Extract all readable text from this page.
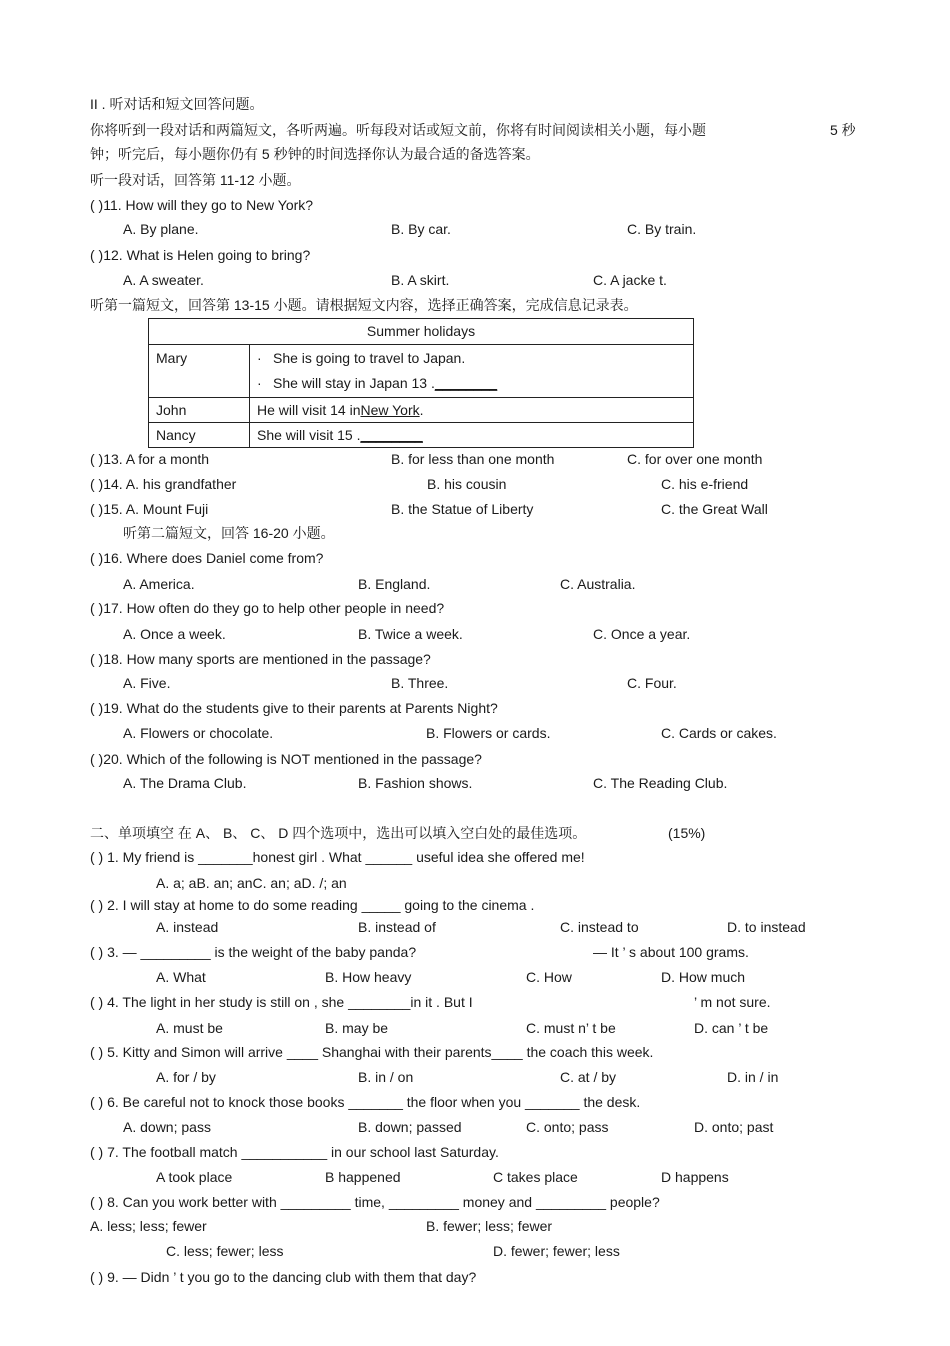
II . 听对话和短文回答问题。
你将听到一段对话和两篇短文，各听两遍。听每段对话或短文前，你将有时间阅读相关小题，每小题	5 秒
钟；听完后，每小题你仍有 5 秒钟的时间选择你认为最合适的备选答案。
听一段对话，回答第 11-12 小题。
( )11. How will they go to New York?
A. By plane.	B. By car.	C. By train.
( )12. What is Helen going to bring?
A. A sweater.	B. A skirt.	C. A jacke t.
听第一篇短文，回答第 13-15 小题。请根据短文内容，选择正确答案，完成信息记录表。
Summer holidays	
Mary	· She is going to travel to Japan.
· She will stay in Japan 13 .________

John	He will visit 14 inNew York.
Nancy	She will visit 15 .________
( )13. A for a month	B. for less than one month	C. for over one month
( )14. A. his grandfather	B. his cousin	C. his e-friend
( )15. A. Mount Fuji	B. the Statue of Liberty	C. the Great Wall
听第二篇短文，回答 16-20 小题。
( )16. Where does Daniel come from?
A. America.	B. England.	C. Australia.
( )17. How often do they go to help other people in need?
A. Once a week.	B. Twice a week.	C. Once a year.
( )18. How many sports are mentioned in the passage?
A. Five.	B. Three.	C. Four.
( )19. What do the students give to their parents at Parents Night?
A. Flowers or chocolate.	B. Flowers or cards.	C. Cards or cakes.
( )20. Which of the following is NOT mentioned in the passage?
A. The Drama Club.	B. Fashion shows.	C. The Reading Club.
二、单项填空 在 A、 B、 C、 D 四个选项中，选出可以填入空白处的最佳选项。	(15%)
( ) 1. My friend is _______honest girl . What ______ useful idea she offered me!
A. a; aB. an; anC. an; aD. /; an
( ) 2. I will stay at home to do some reading _____ going to the cinema .
A. instead	B. instead of	C. instead to	D. to instead
( ) 3. — _________ is the weight of the baby panda?	— It ’ s about 100 grams.
A. What	B. How heavy	C. How	D. How much
( ) 4. The light in her study is still on , she ________in it . But I	’ m not sure.
A. must be	B. may be	C. must n’ t be	D. can ’ t be
( ) 5. Kitty and Simon will arrive ____ Shanghai with their parents____ the coach this week.
A. for / by	B. in / on	C. at / by	D. in / in
( ) 6. Be careful not to knock those books _______ the floor when you _______ the desk.
A. down; pass	B. down; passed	C. onto; pass	D. onto; past
( ) 7. The football match ___________ in our school last Saturday.
A took place	B happened	C takes place	D happens
( ) 8. Can you work better with _________ time, _________ money and _________ people?
A. less; less; fewer	B. fewer; less; fewer
C. less; fewer; less	D. fewer; fewer; less
( ) 9. — Didn ’ t you go to the dancing club with them that day?
